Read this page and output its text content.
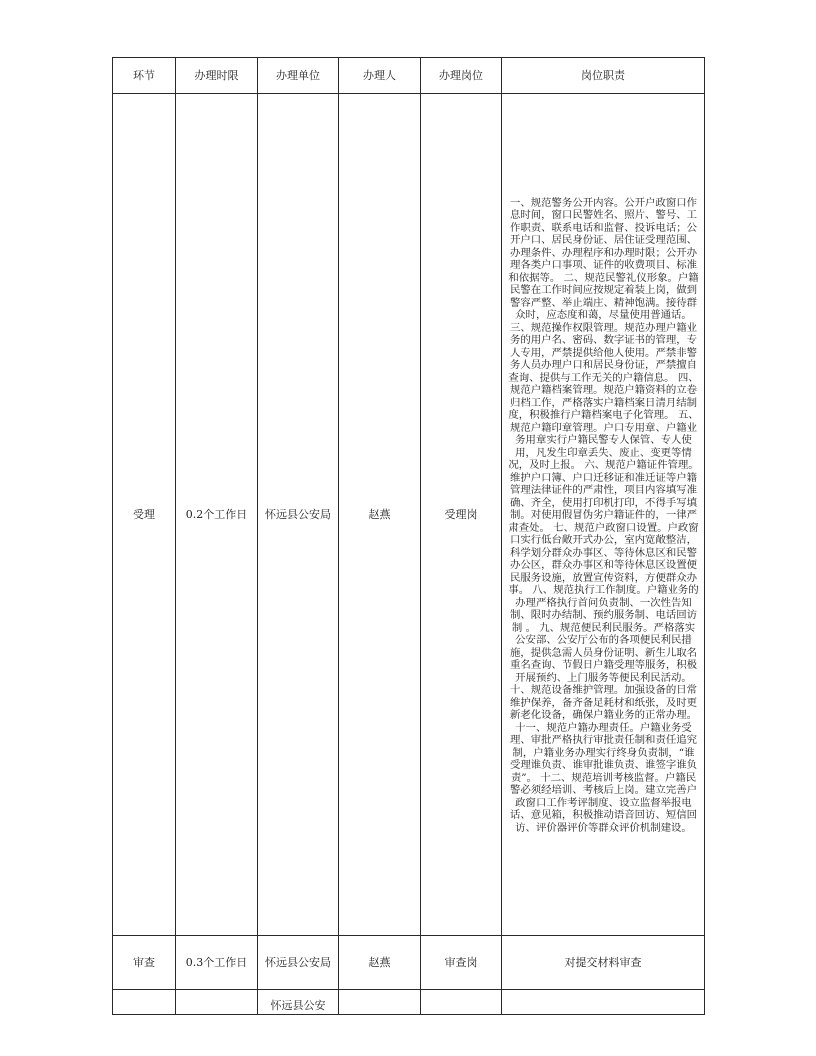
环节	办理时限	办理单位	办理人	办理岗位	岗位职责
受理	0.2个工作日	怀远县公安局	赵燕	受理岗	一、规范警务公开内容。公开户政窗口作息时间，窗口民警姓名、照片、警号、工作职责、联系电话和监督、投诉电话；公开户口、居民身份证、居住证受理范围、办理条件、办理程序和办理时限；公开办理各类户口事项、证件的收费项目、标准和依据等。 二、规范民警礼仪形象。户籍民警在工作时间应按规定着装上岗，做到警容严整、举止端庄、精神饱满。接待群众时，应态度和蔼，尽量使用普通话。三、规范操作权限管理。规范办理户籍业务的用户名、密码、数字证书的管理，专人专用，严禁提供给他人使用。严禁非警务人员办理户口和居民身份证，严禁擅自查询、提供与工作无关的户籍信息。 四、规范户籍档案管理。规范户籍资料的立卷归档工作，严格落实户籍档案日清月结制度，积极推行户籍档案电子化管理。 五、规范户籍印章管理。户口专用章、户籍业务用章实行户籍民警专人保管、专人使用，凡发生印章丢失、废止、变更等情况，及时上报。 六、规范户籍证件管理。维护户口簿、户口迁移证和准迁证等户籍管理法律证件的严肃性，项目内容填写准确、齐全，使用打印机打印，不得手写填制。对使用假冒伪劣户籍证件的，一律严肃查处。 七、规范户政窗口设置。户政窗口实行低台敞开式办公，室内宽敞整洁，科学划分群众办事区、等待休息区和民警办公区，群众办事区和等待休息区设置便民服务设施，放置宣传资料，方便群众办事。 八、规范执行工作制度。户籍业务的办理严格执行首问负责制、一次性告知制、限时办结制、预约服务制、电话回访制 。 九、规范便民利民服务。严格落实公安部、公安厅公布的各项便民利民措施，提供急需人员身份证明、新生儿取名重名查询、节假日户籍受理等服务，积极开展预约、上门服务等便民利民活动。 十、规范设备维护管理。加强设备的日常维护保养，备齐备足耗材和纸张，及时更新老化设备，确保户籍业务的正常办理。 十一、规范户籍办理责任。户籍业务受理、审批严格执行审批责任制和责任追究制，户籍业务办理实行终身负责制，“谁受理谁负责、谁审批谁负责、谁签字谁负责”。 十二、规范培训考核监督。户籍民警必须经培训、考核后上岗。建立完善户政窗口工作考评制度、设立监督举报电话、意见箱，积极推动语音回访、短信回访、评价器评价等群众评价机制建设。
审查	0.3个工作日	怀远县公安局	赵燕	审查岗	对提交材料审查

		怀远县公安			
